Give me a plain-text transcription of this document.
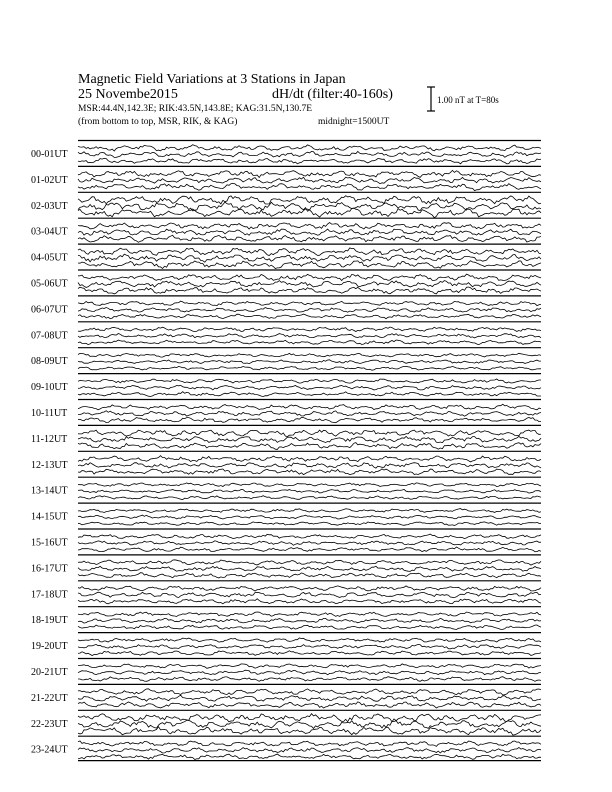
Magnetic Field Variations at 3 Stations in Japan
25 Novembe2015	dH/dt (filter:40-160s)
MSR:44.4N,142.3E; RIK:43.5N,143.8E; KAG:31.5N,130.7E
(from bottom to top, MSR, RIK, & KAG)	midnight=1500UT
1.00 nT at T=80s
00-01UT
01-02UT
02-03UT
03-04UT
04-05UT
05-06UT
06-07UT
07-08UT
08-09UT
09-10UT
10-11UT
11-12UT
12-13UT
13-14UT
14-15UT
15-16UT
16-17UT
17-18UT
18-19UT
19-20UT
20-21UT
21-22UT
22-23UT
23-24UT
